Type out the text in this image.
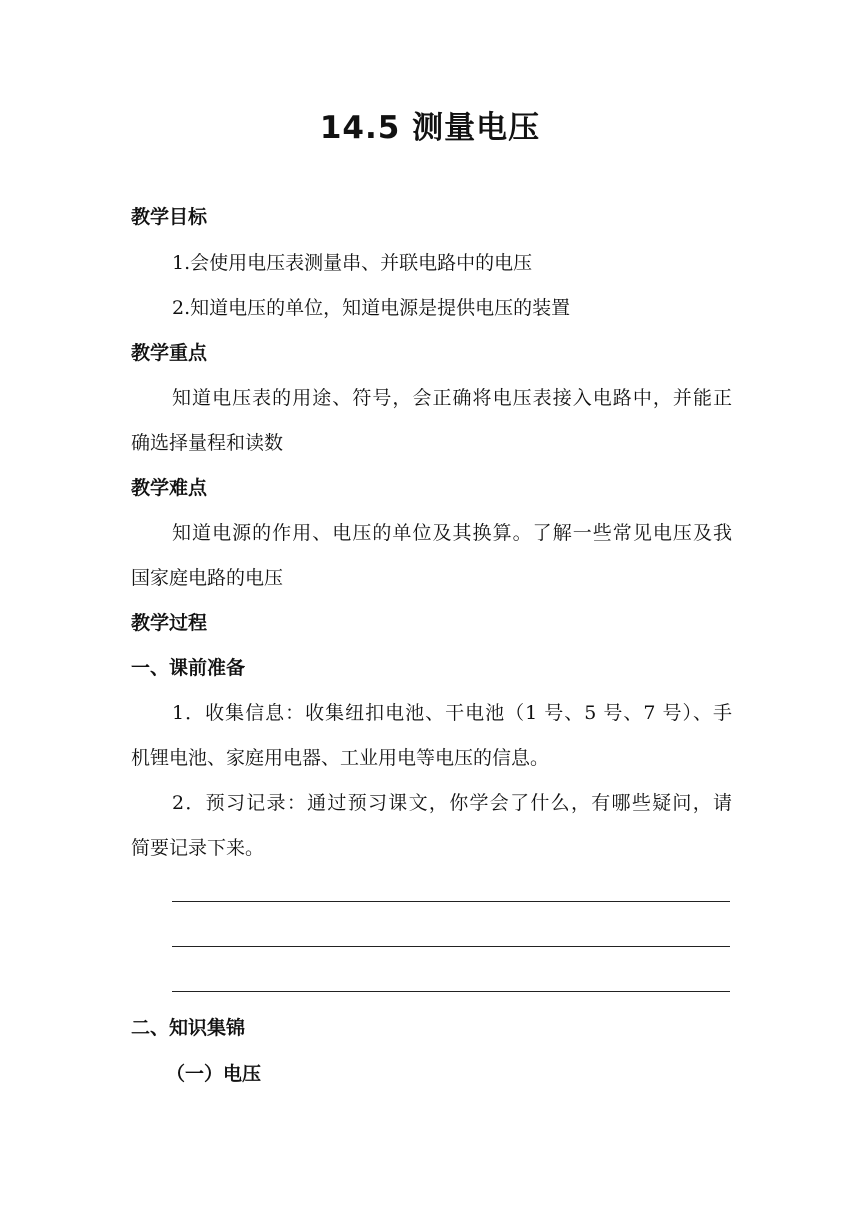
14.5 测量电压
教学目标
1.会使用电压表测量串、并联电路中的电压
2.知道电压的单位，知道电源是提供电压的装置
教学重点
知道电压表的用途、符号，会正确将电压表接入电路中，并能正
确选择量程和读数
教学难点
知道电源的作用、电压的单位及其换算。了解一些常见电压及我
国家庭电路的电压
教学过程
一、课前准备
1．收集信息：收集纽扣电池、干电池（1 号、5 号、7 号）、手
机锂电池、家庭用电器、工业用电等电压的信息。
2．预习记录：通过预习课文，你学会了什么，有哪些疑问，请
简要记录下来。
二、知识集锦
（一）电压
